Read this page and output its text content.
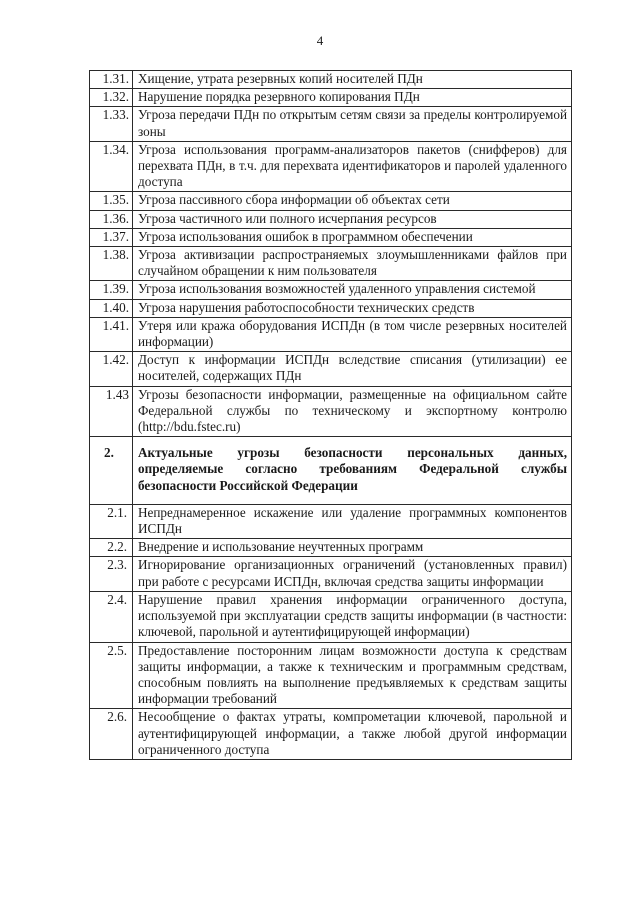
4
1.31.	Хищение, утрата резервных копий носителей ПДн
1.32.	Нарушение порядка резервного копирования ПДн
1.33.	Угроза передачи ПДн по открытым сетям связи за пределы контролируемой зоны
1.34.	Угроза использования программ-анализаторов пакетов (снифферов) для перехвата ПДн, в т.ч. для перехвата идентификаторов и паролей удаленного доступа
1.35.	Угроза пассивного сбора информации об объектах сети
1.36.	Угроза частичного или полного исчерпания ресурсов
1.37.	Угроза использования ошибок в программном обеспечении
1.38.	Угроза активизации распространяемых злоумышленниками файлов при случайном обращении к ним пользователя
1.39.	Угроза использования возможностей удаленного управления системой
1.40.	Угроза нарушения работоспособности технических средств
1.41.	Утеря или кража оборудования ИСПДн (в том числе резервных носителей информации)
1.42.	Доступ к информации ИСПДн вследствие списания (утилизации) ее носителей, содержащих ПДн
1.43	Угрозы безопасности информации, размещенные на официальном сайте Федеральной службы по техническому и экспортному контролю (http://bdu.fstec.ru)
2.	Актуальные угрозы безопасности персональных данных, определяемые согласно требованиям Федеральной службы безопасности Российской Федерации
2.1.	Непреднамеренное искажение или удаление программных компонентов ИСПДн
2.2.	Внедрение и использование неучтенных программ
2.3.	Игнорирование организационных ограничений (установленных правил) при работе с ресурсами ИСПДн, включая средства защиты информации
2.4.	Нарушение правил хранения информации ограниченного доступа, используемой при эксплуатации средств защиты информации (в частности: ключевой, парольной и аутентифицирующей информации)
2.5.	Предоставление посторонним лицам возможности доступа к средствам защиты информации, а также к техническим и программным средствам, способным повлиять на выполнение предъявляемых к средствам защиты информации требований
2.6.	Несообщение о фактах утраты, компрометации ключевой, парольной и аутентифицирующей информации, а также любой другой информации ограниченного доступа
